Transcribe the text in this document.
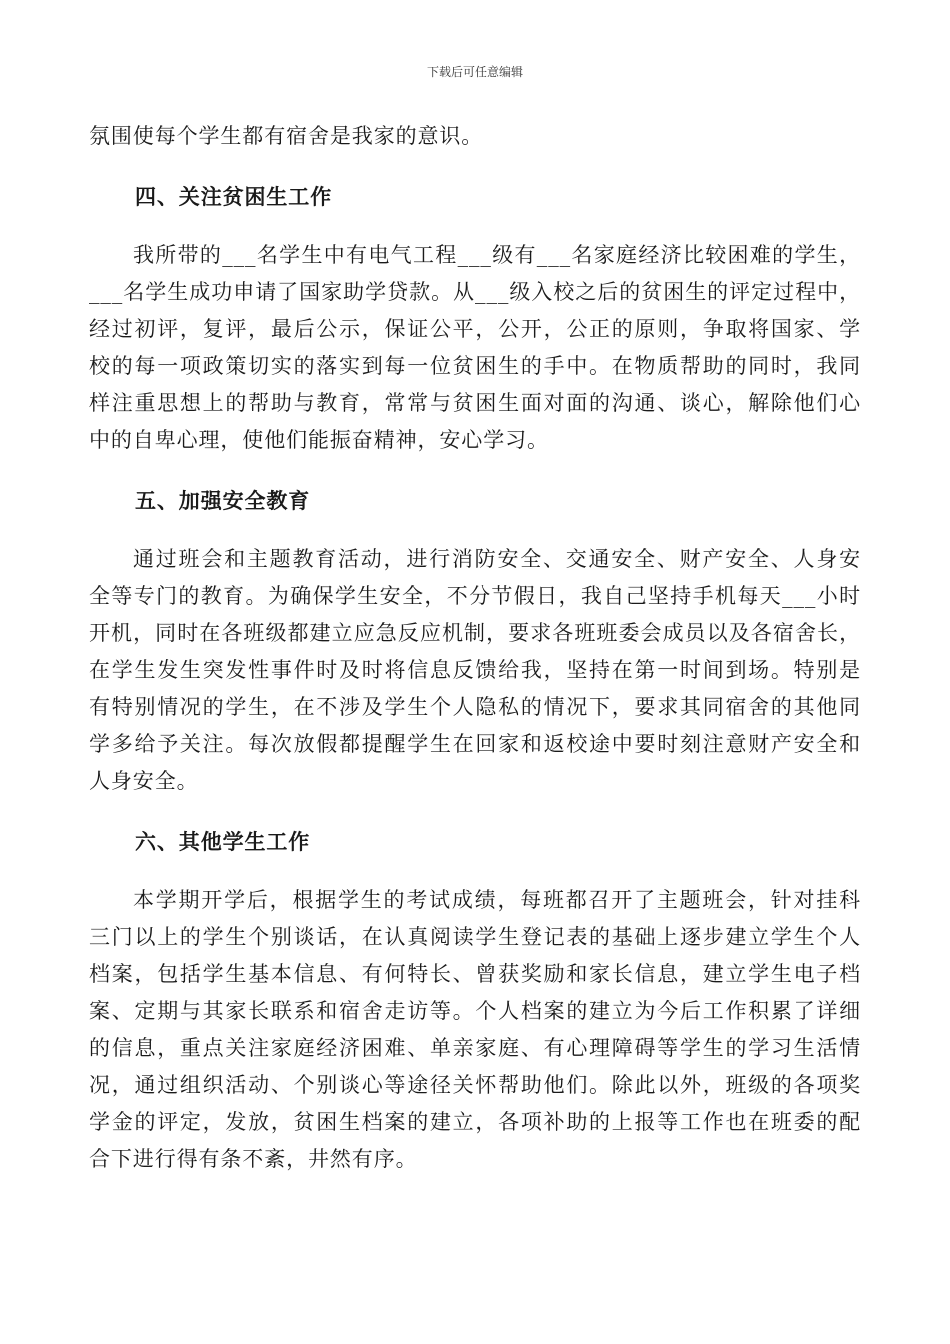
下载后可任意编辑
氛围使每个学生都有宿舍是我家的意识。
四、关注贫困生工作
我所带的___名学生中有电气工程___级有___名家庭经济比较困难的学生，
___名学生成功申请了国家助学贷款。从___级入校之后的贫困生的评定过程中，
经过初评，复评，最后公示，保证公平，公开，公正的原则，争取将国家、学
校的每一项政策切实的落实到每一位贫困生的手中。在物质帮助的同时，我同
样注重思想上的帮助与教育，常常与贫困生面对面的沟通、谈心，解除他们心
中的自卑心理，使他们能振奋精神，安心学习。
五、加强安全教育
通过班会和主题教育活动，进行消防安全、交通安全、财产安全、人身安
全等专门的教育。为确保学生安全，不分节假日，我自己坚持手机每天___小时
开机，同时在各班级都建立应急反应机制，要求各班班委会成员以及各宿舍长，
在学生发生突发性事件时及时将信息反馈给我，坚持在第一时间到场。特别是
有特别情况的学生，在不涉及学生个人隐私的情况下，要求其同宿舍的其他同
学多给予关注。每次放假都提醒学生在回家和返校途中要时刻注意财产安全和
人身安全。
六、其他学生工作
本学期开学后，根据学生的考试成绩，每班都召开了主题班会，针对挂科
三门以上的学生个别谈话，在认真阅读学生登记表的基础上逐步建立学生个人
档案，包括学生基本信息、有何特长、曾获奖励和家长信息，建立学生电子档
案、定期与其家长联系和宿舍走访等。个人档案的建立为今后工作积累了详细
的信息，重点关注家庭经济困难、单亲家庭、有心理障碍等学生的学习生活情
况，通过组织活动、个别谈心等途径关怀帮助他们。除此以外，班级的各项奖
学金的评定，发放，贫困生档案的建立，各项补助的上报等工作也在班委的配
合下进行得有条不紊，井然有序。
